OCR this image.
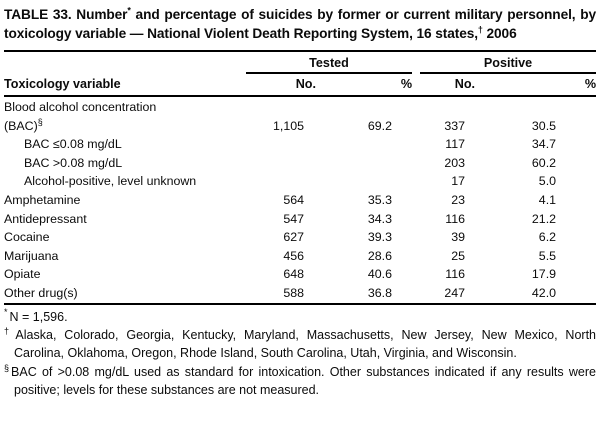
TABLE 33. Number* and percentage of suicides by former or current military personnel, by toxicology variable — National Violent Death Reporting System, 16 states,† 2006

	Tested		Positive	

Toxicology variable	No.	%	No.	%
Blood alcohol concentration				
(BAC)§	1,105	69.2	337	30.5
BAC ≤0.08 mg/dL			117	34.7
BAC >0.08 mg/dL			203	60.2
Alcohol-positive, level unknown			17	5.0
Amphetamine	564	35.3	23	4.1
Antidepressant	547	34.3	116	21.2
Cocaine	627	39.3	39	6.2
Marijuana	456	28.6	25	5.5
Opiate	648	40.6	116	17.9
Other drug(s)	588	36.8	247	42.0
* N = 1,596.
† Alaska, Colorado, Georgia, Kentucky, Maryland, Massachusetts, New Jersey, New Mexico, North Carolina, Oklahoma, Oregon, Rhode Island, South Carolina, Utah, Virginia, and Wisconsin.
§ BAC of >0.08 mg/dL used as standard for intoxication. Other substances indicated if any results were positive; levels for these substances are not measured.
